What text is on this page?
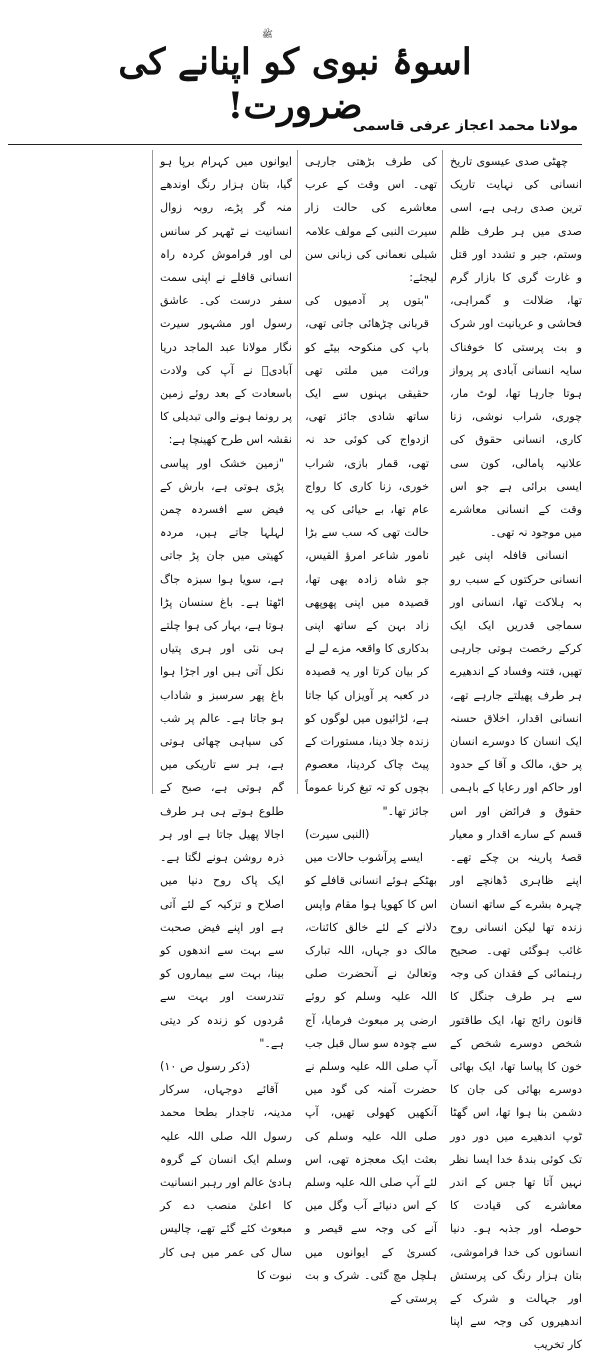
ﷺ
اسوۂ نبوی کو اپنانے کی ضرورت!
مولانا محمد اعجاز عرفی قاسمی

چھٹی صدی عیسوی تاریخ انسانی کی نہایت تاریک ترین صدی رہی ہے، اسی صدی میں ہر طرف ظلم وستم، جبر و تشدد اور قتل و غارت گری کا بازار گرم تھا، ضلالت و گمراہی، فحاشی و عریانیت اور شرک و بت پرستی کا خوفناک سایہ انسانی آبادی پر پرواز ہوتا جارہا تھا، لوٹ مار، چوری، شراب نوشی، زنا کاری، انسانی حقوق کی علانیہ پامالی، کون سی ایسی برائی ہے جو اس وقت کے انسانی معاشرے میں موجود نہ تھی۔

انسانی قافلہ اپنی غیر انسانی حرکتوں کے سبب رو بہ ہلاکت تھا، انسانی اور سماجی قدریں ایک ایک کرکے رخصت ہوتی جارہی تھیں، فتنہ وفساد کے اندھیرے ہر طرف پھیلتے جارہے تھے، انسانی اقدار، اخلاق حسنہ ایک انسان کا دوسرے انسان پر حق، مالک و آقا کے حدود اور حاکم اور رعایا کے باہمی حقوق و فرائض اور اس قسم کے سارے اقدار و معیار قصۂ پارینہ بن چکے تھے۔ اپنے ظاہری ڈھانچے اور چہرہ بشرے کے ساتھ انسان زندہ تھا لیکن انسانی روح غائب ہوگئی تھی۔ صحیح رہنمائی کے فقدان کی وجہ سے ہر طرف جنگل کا قانون رائج تھا، ایک طاقتور شخص دوسرے شخص کے خون کا پیاسا تھا، ایک بھائی دوسرے بھائی کی جان کا دشمن بنا ہوا تھا، اس گھٹا ٹوپ اندھیرے میں دور دور تک کوئی بندۂ خدا ایسا نظر نہیں آتا تھا جس کے اندر معاشرے کی قیادت کا حوصلہ اور جذبہ ہو۔ دنیا انسانوں کی خدا فراموشی، بتان ہزار رنگ کی پرستش اور جہالت و شرک کے اندھیروں کی وجہ سے اپنا کار تخریب

کی طرف بڑھتی جارہی تھی۔ اس وقت کے عرب معاشرے کی حالت زار سیرت النبی کے مولف علامہ شبلی نعمانی کی زبانی سن لیجئے:

"بتوں پر آدمیوں کی قربانی چڑھائی جاتی تھی، باپ کی منکوحہ بیٹے کو وراثت میں ملتی تھی حقیقی بہنوں سے ایک ساتھ شادی جائز تھی، ازدواج کی کوئی حد نہ تھی، قمار بازی، شراب خوری، زنا کاری کا رواج عام تھا، بے حیائی کی یہ حالت تھی کہ سب سے بڑا نامور شاعر امرؤ القیس، جو شاہ زادہ بھی تھا، قصیدہ میں اپنی پھوپھی زاد بہن کے ساتھ اپنی بدکاری کا واقعہ مزے لے لے کر بیان کرتا اور یہ قصیدہ در کعبہ پر آویزاں کیا جاتا ہے، لڑائیوں میں لوگوں کو زندہ جلا دینا، مستورات کے پیٹ چاک کردینا، معصوم بچوں کو تہ تیغ کرنا عموماً جائز تھا۔"

(النبی سیرت)

ایسے پرآشوب حالات میں بھٹکے ہوئے انسانی قافلے کو اس کا کھویا ہوا مقام واپس دلانے کے لئے خالق کائنات، مالک دو جہاں، اللہ تبارک وتعالیٰ نے آنحضرت صلی اللہ علیہ وسلم کو روئے ارضی پر مبعوث فرمایا، آج سے چودہ سو سال قبل جب آپ صلی اللہ علیہ وسلم نے حضرت آمنہ کی گود میں آنکھیں کھولی تھیں، آپ صلی اللہ علیہ وسلم کی بعثت ایک معجزہ تھی، اس لئے آپ صلی اللہ علیہ وسلم کے اس دنیائے آب وگل میں آنے کی وجہ سے قیصر و کسریٰ کے ایوانوں میں ہلچل مچ گئی۔ شرک و بت پرستی کے

ایوانوں میں کہرام برپا ہو گیا، بتان ہزار رنگ اوندھے منہ گر پڑے، روبہ زوال انسانیت نے ٹھہر کر سانس لی اور فراموش کردہ راہ انسانی قافلے نے اپنی سمت سفر درست کی۔ عاشق رسول اور مشہور سیرت نگار مولانا عبد الماجد دریا آبادیؒ نے آپ کی ولادت باسعادت کے بعد روئے زمین پر رونما ہونے والی تبدیلی کا نقشہ اس طرح کھینچا ہے:

"زمین خشک اور پیاسی پڑی ہوتی ہے، بارش کے فیض سے افسردہ چمن لہلہا جاتے ہیں، مردہ کھیتی میں جان پڑ جاتی ہے، سویا ہوا سبزہ جاگ اٹھتا ہے۔ باغ سنسان پڑا ہوتا ہے، بہار کی ہوا چلتے ہی نئی اور ہری پتیاں نکل آتی ہیں اور اجڑا ہوا باغ پھر سرسبز و شاداب ہو جاتا ہے۔ عالم پر شب کی سیاہی چھائی ہوتی ہے، ہر سے تاریکی میں گم ہوتی ہے، صبح کے طلوع ہوتے ہی ہر طرف اجالا پھیل جاتا ہے اور ہر ذرہ روشن ہونے لگتا ہے۔ ایک پاک روح دنیا میں اصلاح و تزکیہ کے لئے آتی ہے اور اپنے فیض صحبت سے بہت سے اندھوں کو بینا، بہت سے بیماروں کو تندرست اور بہت سے مُردوں کو زندہ کر دیتی ہے۔"

(ذکر رسول ص ۱۰)

آقائے دوجہاں، سرکار مدینہ، تاجدار بطحا محمد رسول اللہ صلی اللہ علیہ وسلم ایک انسان کے گروہ ہادیٔ عالم اور رہبر انسانیت کا اعلیٰ منصب دے کر مبعوث کئے گئے تھے، چالیس سال کی عمر میں ہی کار نبوت کا
